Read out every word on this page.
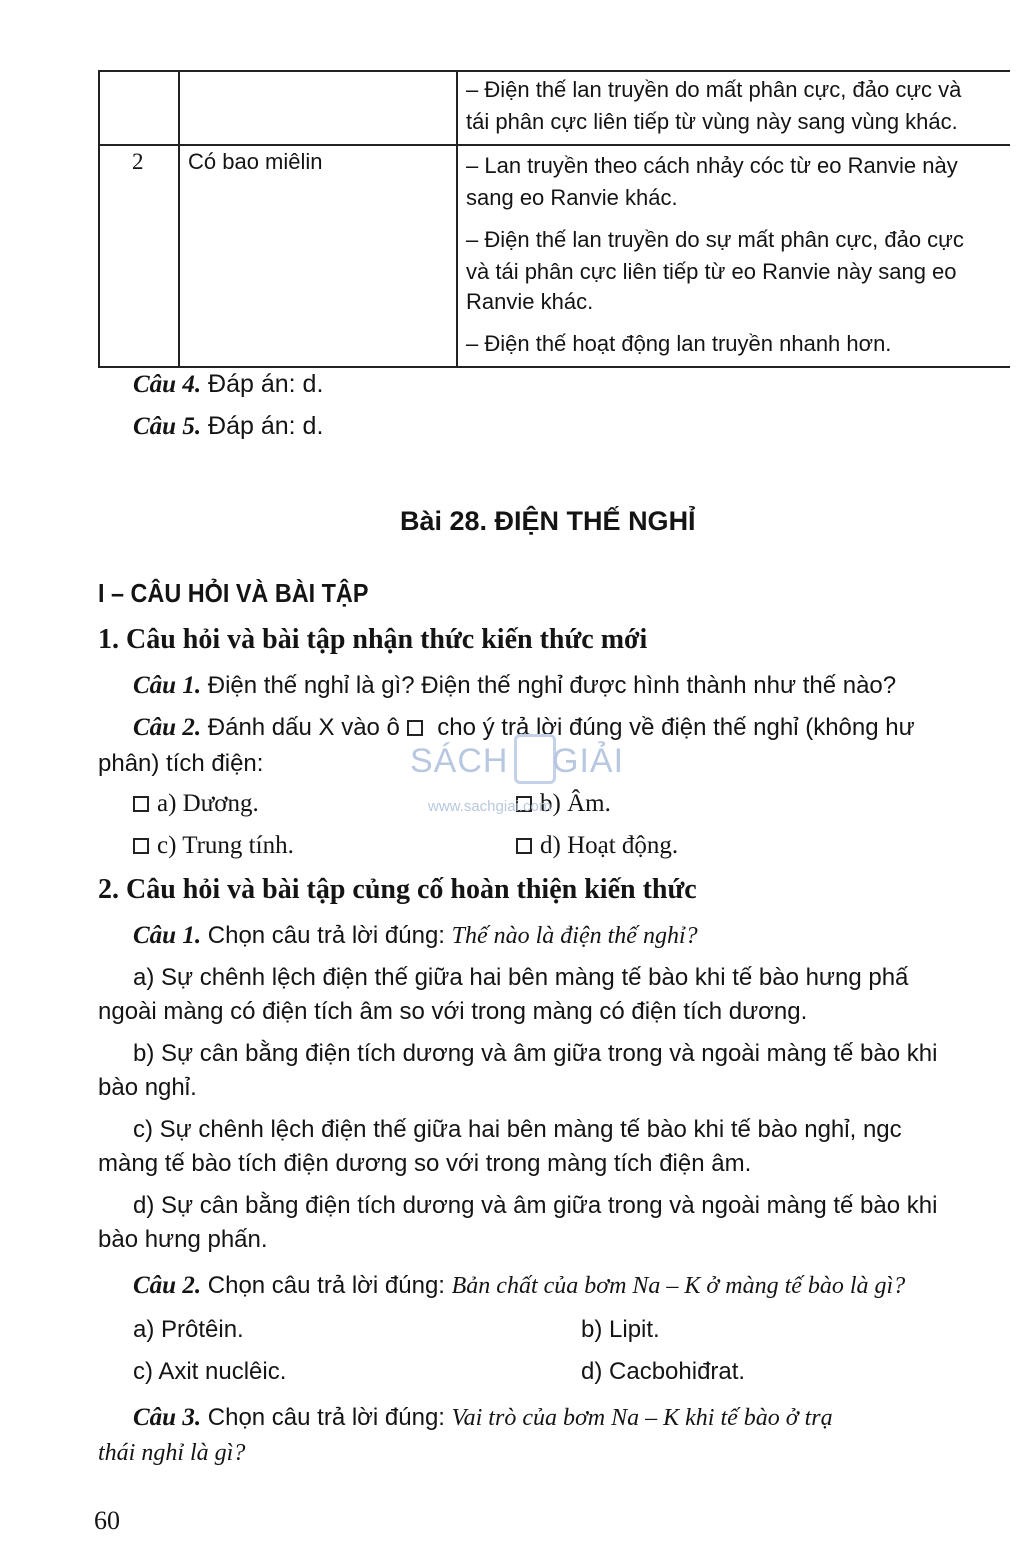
– Điện thế lan truyền do mất phân cực, đảo cực và
tái phân cực liên tiếp từ vùng này sang vùng khác.
2 Có bao miêlin	– Lan truyền theo cách nhảy cóc từ eo Ranvie này
sang eo Ranvie khác.
– Điện thế lan truyền do sự mất phân cực, đảo cực
và tái phân cực liên tiếp từ eo Ranvie này sang eo
Ranvie khác.
– Điện thế hoạt động lan truyền nhanh hơn.
Câu 4. Đáp án: d.
Câu 5. Đáp án: d.
Bài 28. ĐIỆN THẾ NGHỈ
I – CÂU HỎI VÀ BÀI TẬP
1. Câu hỏi và bài tập nhận thức kiến thức mới
Câu 1. Điện thế nghỉ là gì? Điện thế nghỉ được hình thành như thế nào?
Câu 2. Đánh dấu X vào ô  cho ý trả lời đúng về điện thế nghỉ (không hư
phân) tích điện:
a) Dương.	b) Âm.
c) Trung tính.	d) Hoạt động.
2. Câu hỏi và bài tập củng cố hoàn thiện kiến thức
Câu 1. Chọn câu trả lời đúng: Thế nào là điện thế nghỉ?
a) Sự chênh lệch điện thế giữa hai bên màng tế bào khi tế bào hưng phấ
ngoài màng có điện tích âm so với trong màng có điện tích dương.
b) Sự cân bằng điện tích dương và âm giữa trong và ngoài màng tế bào khi
bào nghỉ.
c) Sự chênh lệch điện thế giữa hai bên màng tế bào khi tế bào nghỉ, ngc
màng tế bào tích điện dương so với trong màng tích điện âm.
d) Sự cân bằng điện tích dương và âm giữa trong và ngoài màng tế bào khi
bào hưng phấn.
Câu 2. Chọn câu trả lời đúng: Bản chất của bơm Na – K ở màng tế bào là gì?
a) Prôtêin.	b) Lipit.
c) Axit nuclêic.	d) Cacbohiđrat.
Câu 3. Chọn câu trả lời đúng: Vai trò của bơm Na – K khi tế bào ở trạ
thái nghỉ là gì?
60
SÁCH GIẢI
www.sachgiai.com
